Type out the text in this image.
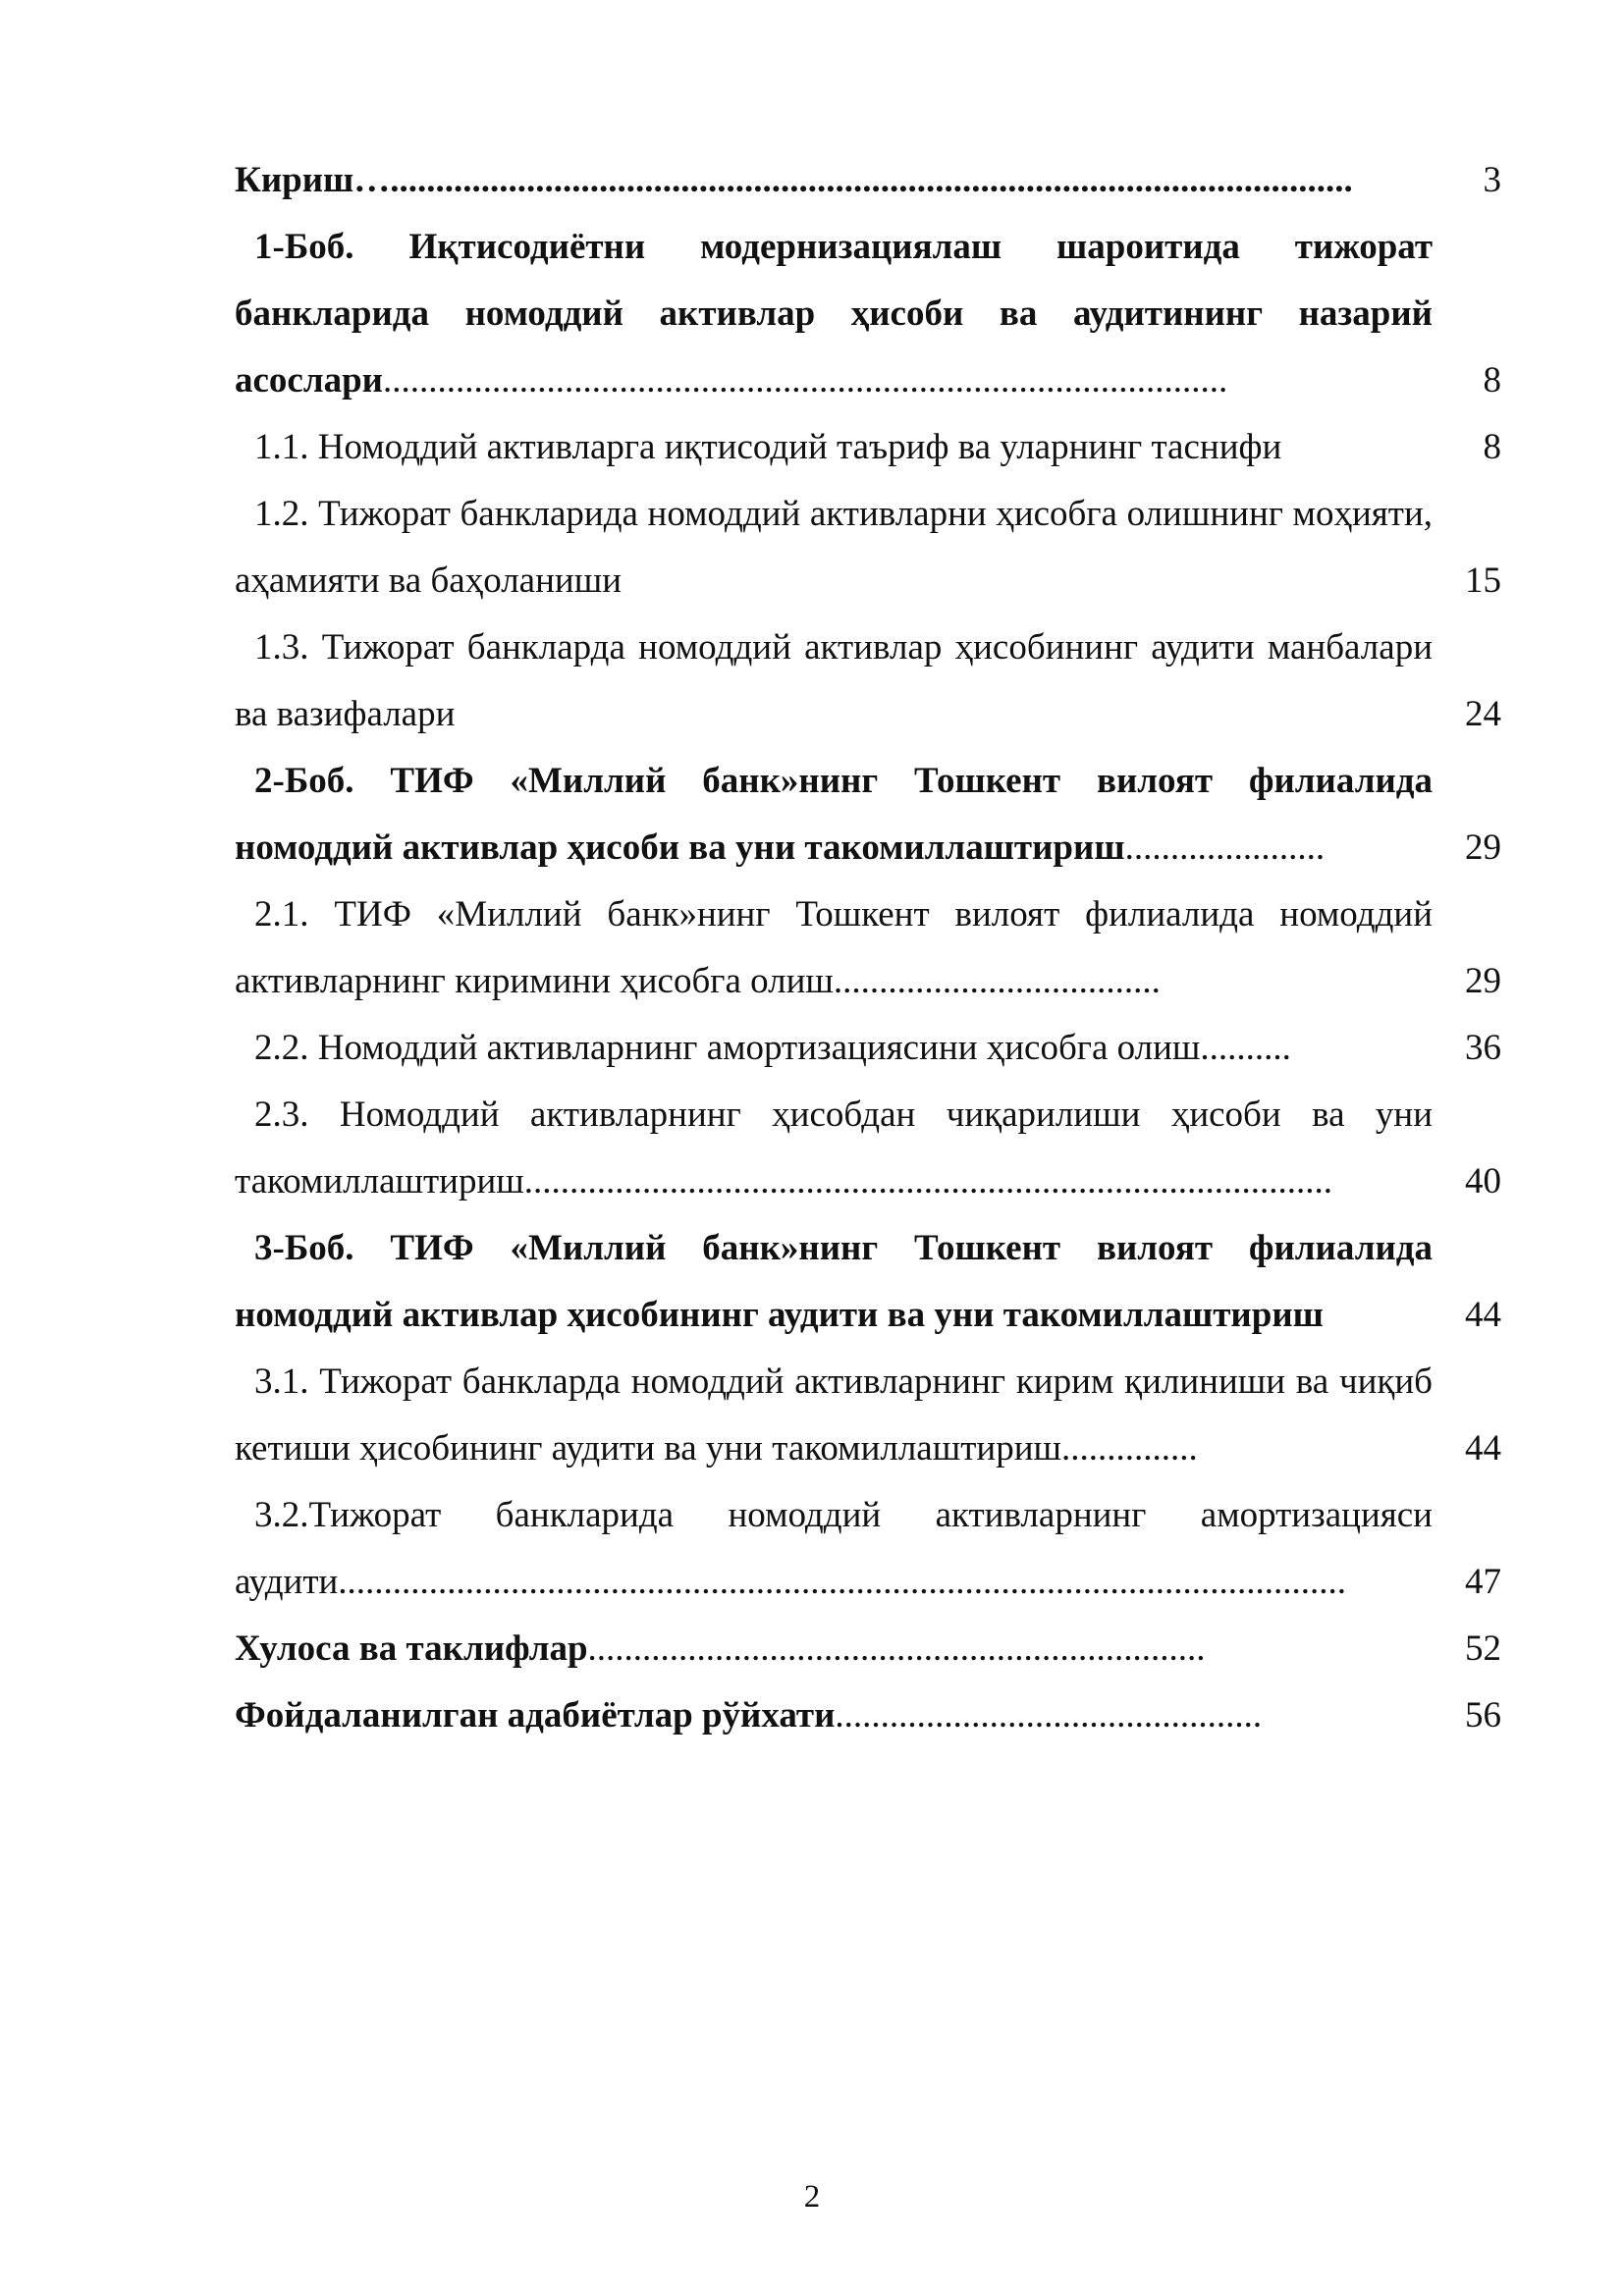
Кириш…..........................................................................................................	3
1-Боб. Иқтисодиётни модернизациялаш шароитида тижорат банкларида номоддий активлар ҳисоби ва аудитининг назарий асослари.............................................................................................	8
1.1. Номоддий активларга иқтисодий таъриф ва уларнинг таснифи	8
1.2. Тижорат банкларида номоддий активларни ҳисобга олишнинг моҳияти, аҳамияти ва баҳоланиши	15
1.3. Тижорат банкларда номоддий активлар ҳисобининг аудити манбалари ва вазифалари	24
2-Боб. ТИФ «Миллий банк»нинг Тошкент вилоят филиалида номоддий активлар ҳисоби ва уни такомиллаштириш......................	29
2.1. ТИФ «Миллий банк»нинг Тошкент вилоят филиалида номоддий активларнинг киримини ҳисобга олиш....................................	29
2.2. Номоддий активларнинг амортизациясини ҳисобга олиш..........	36
2.3. Номоддий активларнинг ҳисобдан чиқарилиши ҳисоби ва уни такомиллаштириш.........................................................................................	40
3-Боб. ТИФ «Миллий банк»нинг Тошкент вилоят филиалида номоддий активлар ҳисобининг аудити ва уни такомиллаштириш	44
3.1. Тижорат банкларда номоддий активларнинг кирим қилиниши ва чиқиб кетиши ҳисобининг аудити ва уни такомиллаштириш...............	44
3.2.Тижорат банкларида номоддий активларнинг амортизацияси аудити...............................................................................................................	47
Хулоса ва таклифлар....................................................................	52
Фойдаланилган адабиётлар рўйхати...............................................	56
2
